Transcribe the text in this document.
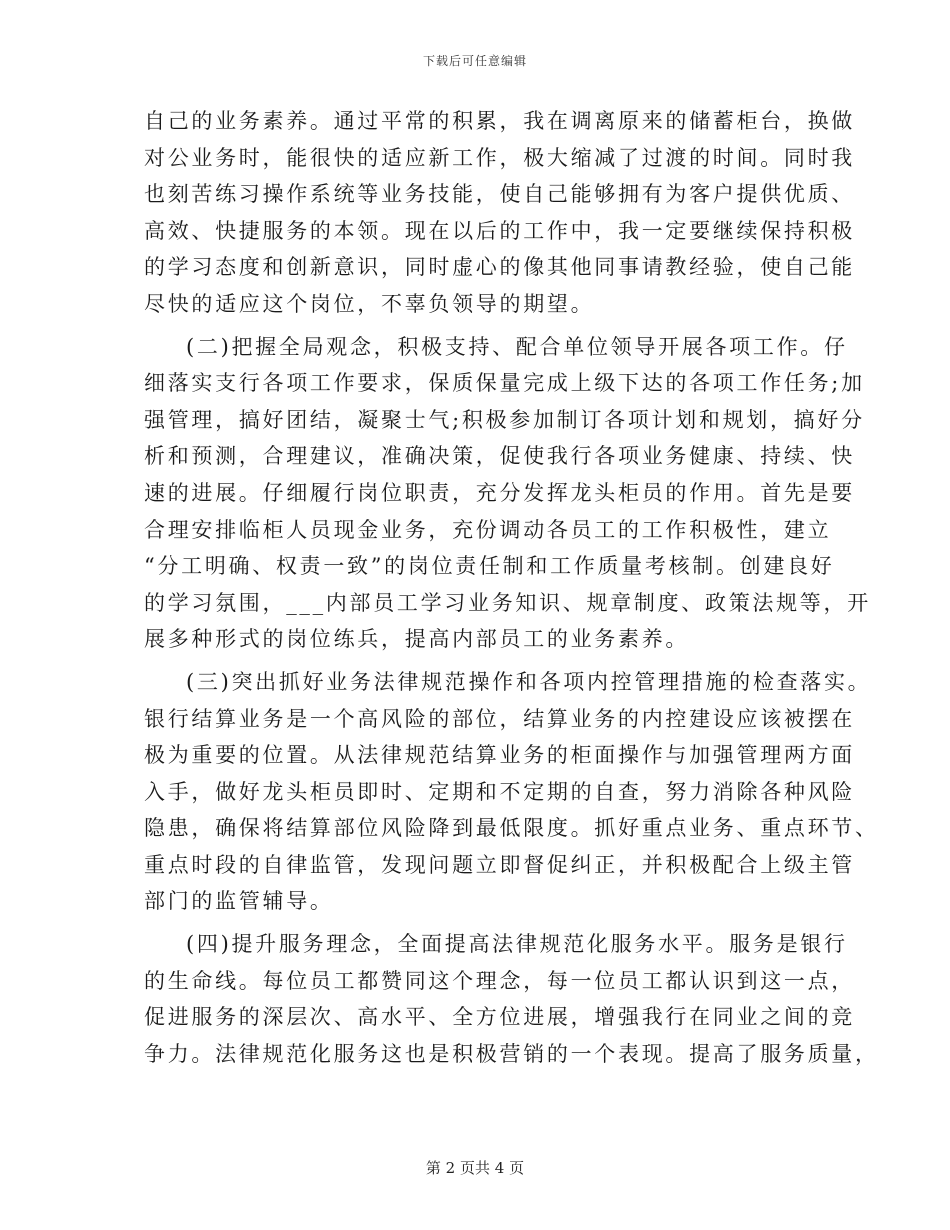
下载后可任意编辑
自己的业务素养。通过平常的积累，我在调离原来的储蓄柜台，换做
对公业务时，能很快的适应新工作，极大缩减了过渡的时间。同时我
也刻苦练习操作系统等业务技能，使自己能够拥有为客户提供优质、
高效、快捷服务的本领。现在以后的工作中，我一定要继续保持积极
的学习态度和创新意识，同时虚心的像其他同事请教经验，使自己能
尽快的适应这个岗位，不辜负领导的期望。
(二)把握全局观念，积极支持、配合单位领导开展各项工作。仔
细落实支行各项工作要求，保质保量完成上级下达的各项工作任务;加
强管理，搞好团结，凝聚士气;积极参加制订各项计划和规划，搞好分
析和预测，合理建议，准确决策，促使我行各项业务健康、持续、快
速的进展。仔细履行岗位职责，充分发挥龙头柜员的作用。首先是要
合理安排临柜人员现金业务，充份调动各员工的工作积极性，建立
“分工明确、权责一致”的岗位责任制和工作质量考核制。创建良好
的学习氛围，___内部员工学习业务知识、规章制度、政策法规等，开
展多种形式的岗位练兵，提高内部员工的业务素养。
(三)突出抓好业务法律规范操作和各项内控管理措施的检查落实。
银行结算业务是一个高风险的部位，结算业务的内控建设应该被摆在
极为重要的位置。从法律规范结算业务的柜面操作与加强管理两方面
入手，做好龙头柜员即时、定期和不定期的自查，努力消除各种风险
隐患，确保将结算部位风险降到最低限度。抓好重点业务、重点环节、
重点时段的自律监管，发现问题立即督促纠正，并积极配合上级主管
部门的监管辅导。
(四)提升服务理念，全面提高法律规范化服务水平。服务是银行
的生命线。每位员工都赞同这个理念，每一位员工都认识到这一点，
促进服务的深层次、高水平、全方位进展，增强我行在同业之间的竞
争力。法律规范化服务这也是积极营销的一个表现。提高了服务质量，
第 2 页共 4 页
